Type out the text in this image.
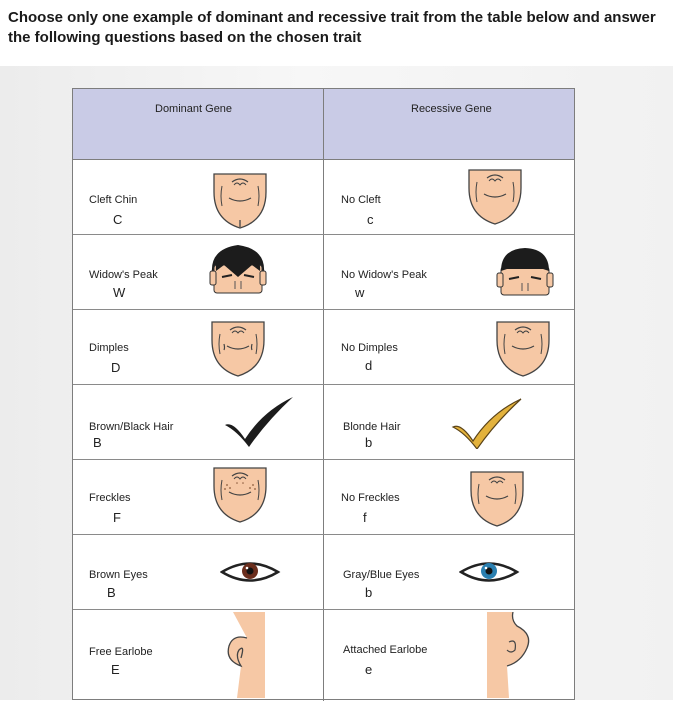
Choose only one example of dominant and recessive trait from the table below and answer
the following questions based on the chosen trait
Dominant Gene	Recessive Gene
Cleft Chin
C
No Cleft
c
Widow's Peak
W
No Widow's Peak
w
Dimples
D
No Dimples
d
Brown/Black Hair
B
Blonde Hair
b
Freckles
F
No Freckles
f
Brown Eyes
B
Gray/Blue Eyes
b
Free Earlobe
E
Attached Earlobe
e
